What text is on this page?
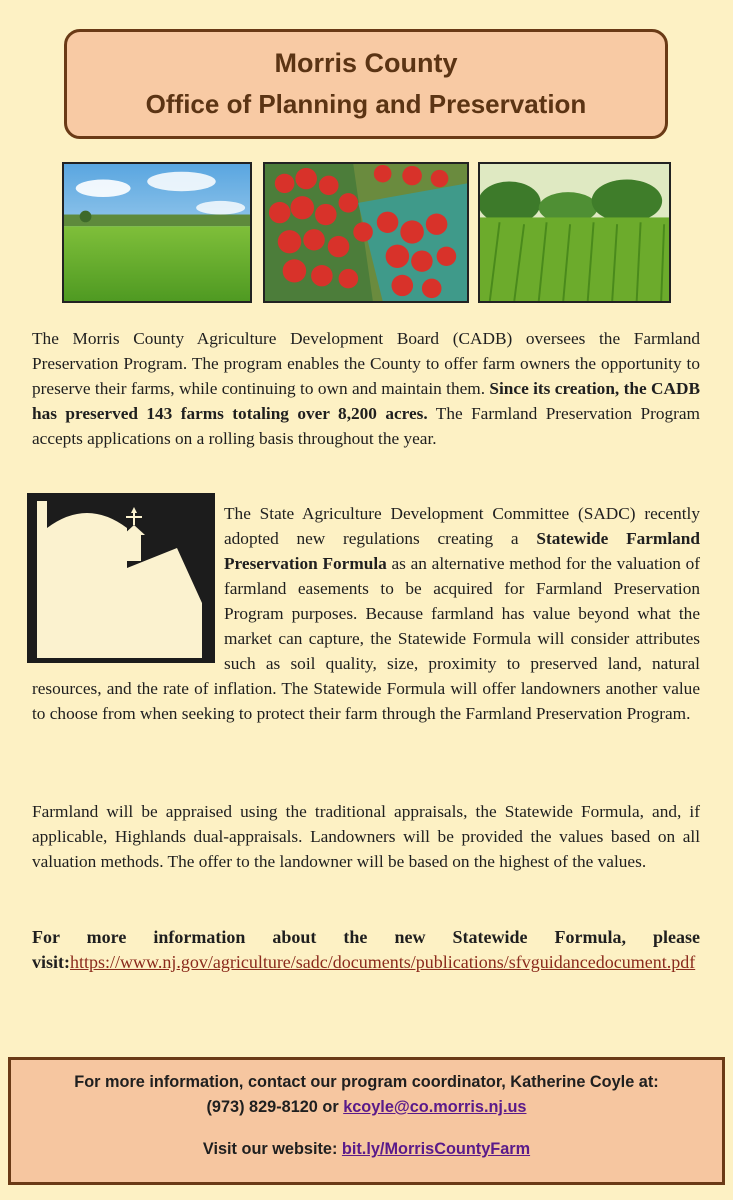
Morris County
Office of Planning and Preservation
The Morris County Agriculture Development Board (CADB) oversees the Farmland Preservation Program. The program enables the County to offer farm owners the opportunity to preserve their farms, while continuing to own and maintain them. Since its creation, the CADB has preserved 143 farms totaling over 8,200 acres. The Farmland Preservation Program accepts applications on a rolling basis throughout the year.
The State Agriculture Development Committee (SADC) recently adopted new regulations creating a Statewide Farmland Preservation Formula as an alternative method for the valuation of farmland easements to be acquired for Farmland Preservation Program purposes. Because farmland has value beyond what the market can capture, the Statewide Formula will consider attributes such as soil quality, size, proximity to preserved land, natural resources, and the rate of inflation. The Statewide Formula will offer landowners another value to choose from when seeking to protect their farm through the Farmland Preservation Program.
Farmland will be appraised using the traditional appraisals, the Statewide Formula, and, if applicable, Highlands dual-appraisals. Landowners will be provided the values based on all valuation methods. The offer to the landowner will be based on the highest of the values.
For more information about the new Statewide Formula, please visit:https://www.nj.gov/agriculture/sadc/documents/publications/sfvguidancedocument.pdf
For more information, contact our program coordinator, Katherine Coyle at:
(973) 829-8120 or kcoyle@co.morris.nj.us
Visit our website: bit.ly/MorrisCountyFarm
